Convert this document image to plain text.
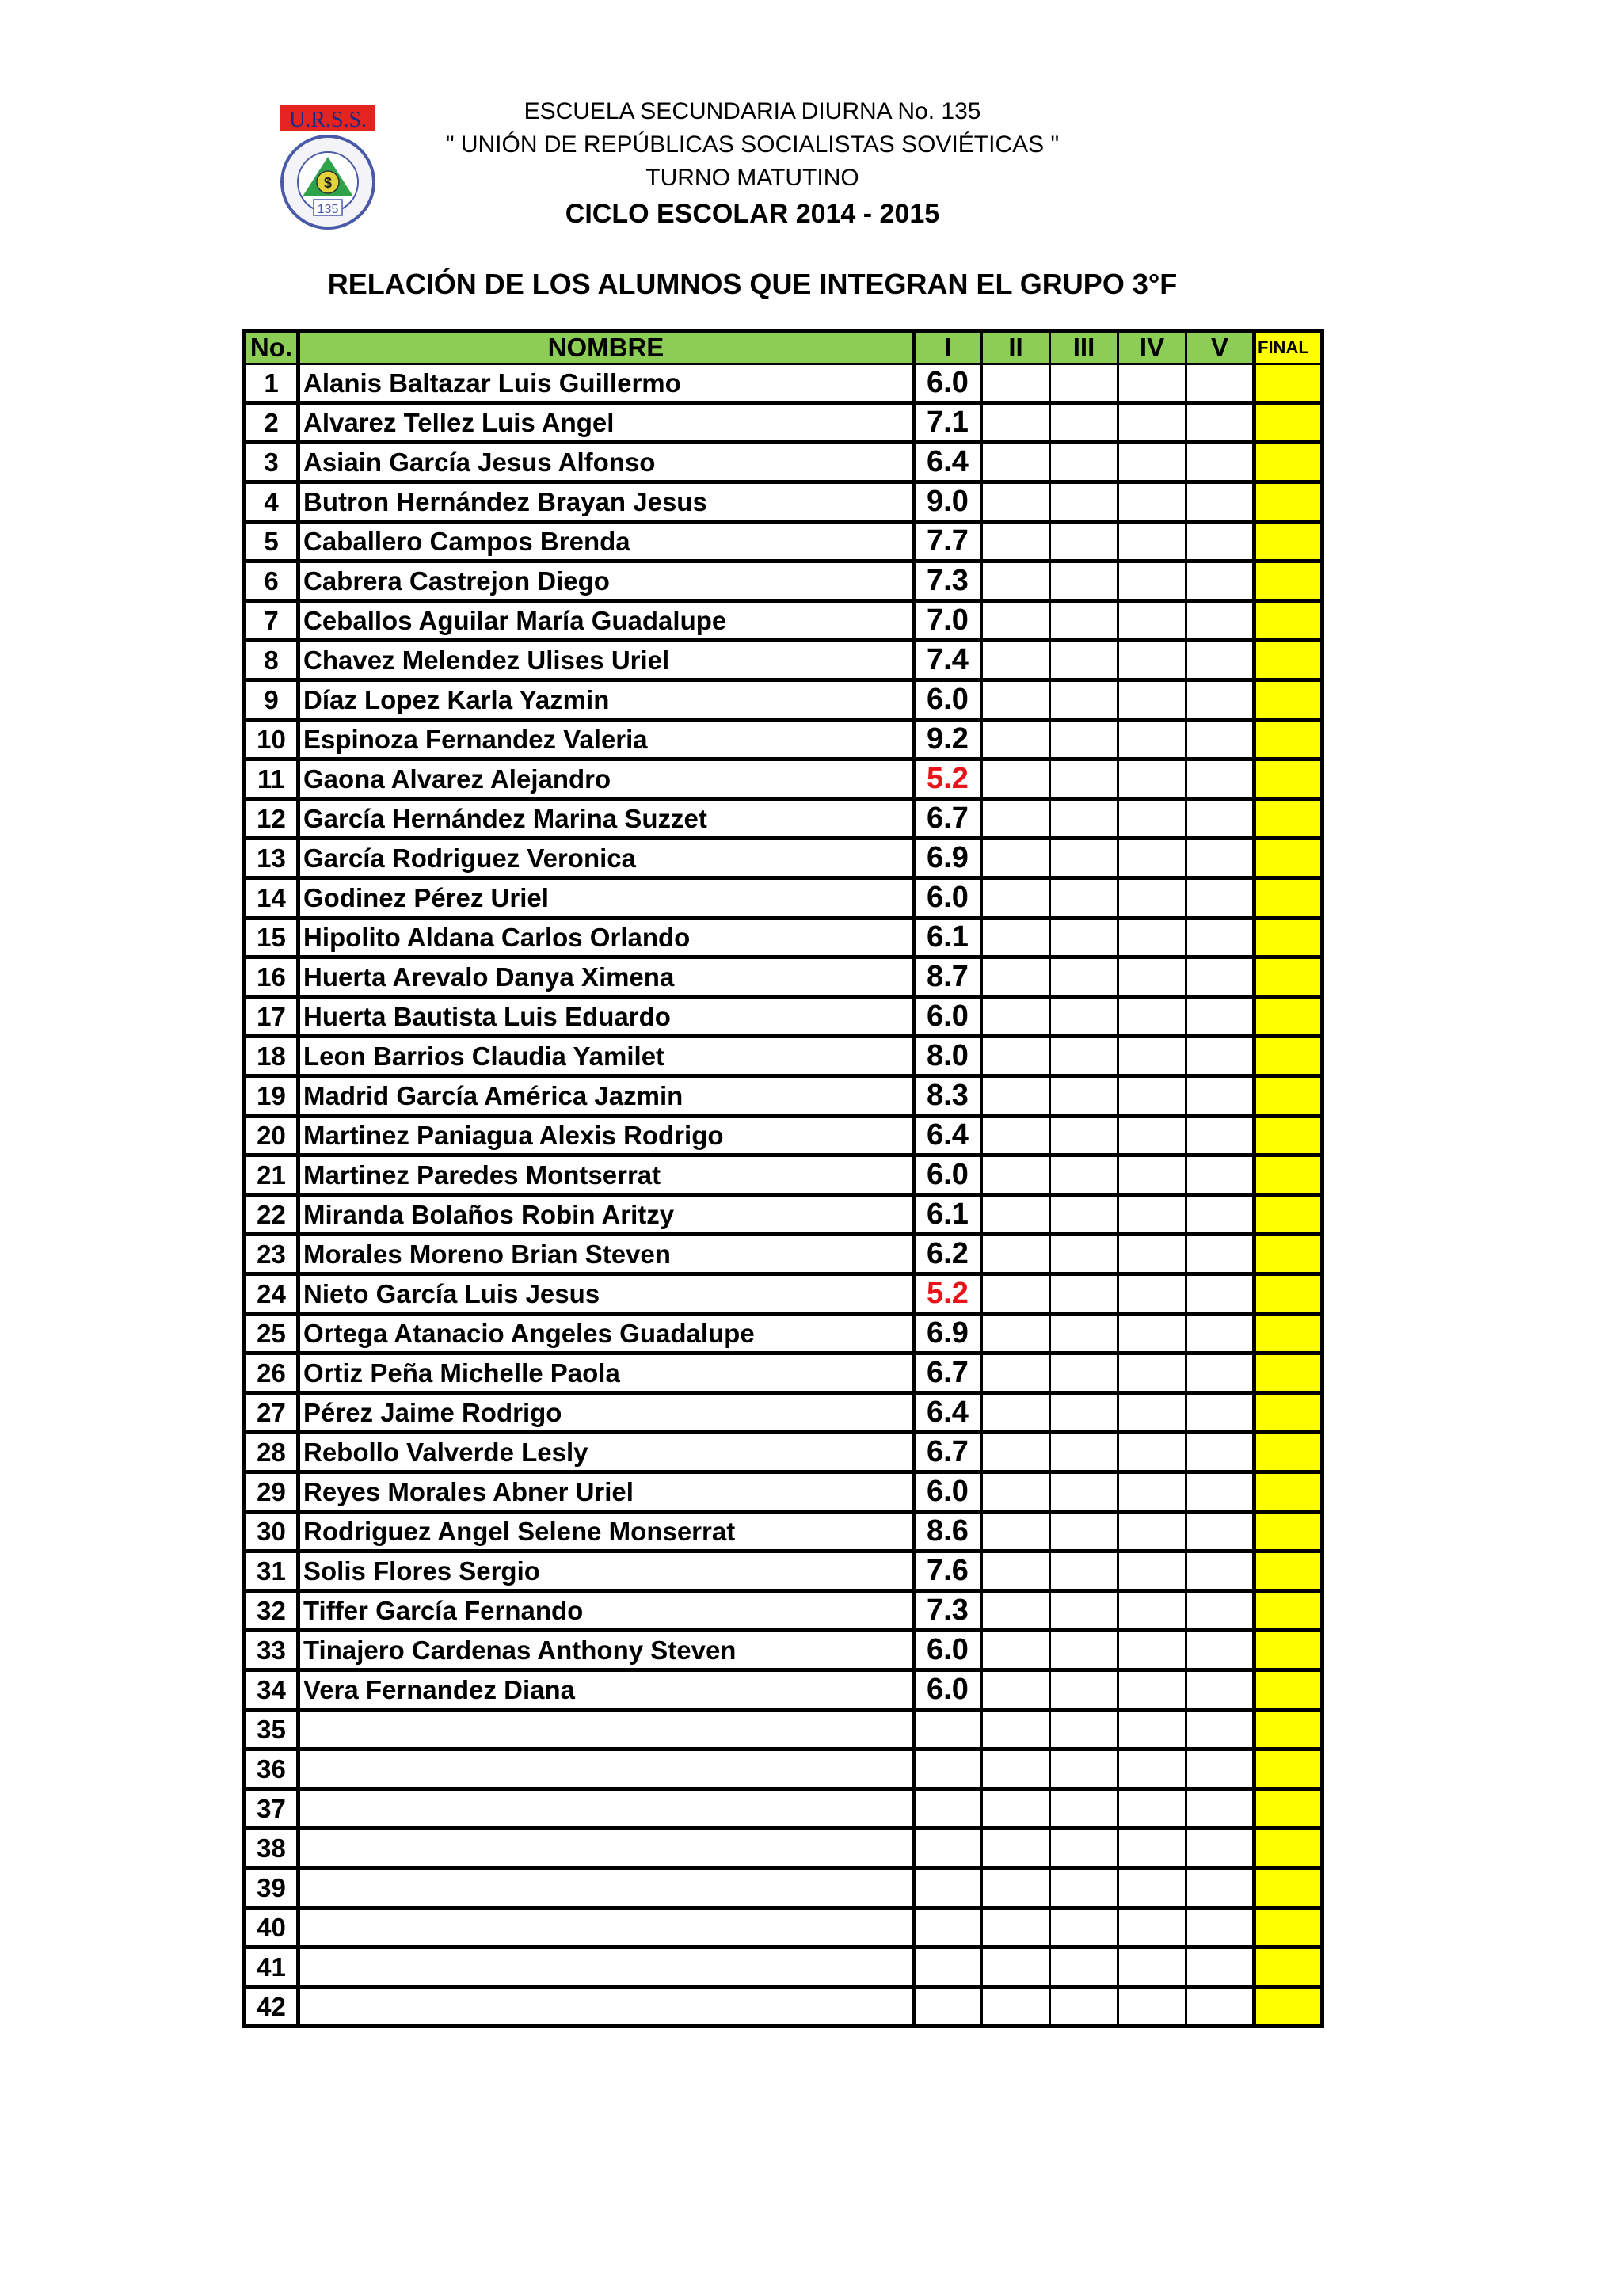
U.R.S.S.
$
135
ESCUELA SECUNDARIA DIURNA No. 135
" UNIÓN DE REPÚBLICAS SOCIALISTAS SOVIÉTICAS "
TURNO MATUTINO
CICLO ESCOLAR 2014 - 2015
RELACIÓN DE LOS ALUMNOS QUE INTEGRAN EL GRUPO 3°F
No.	NOMBRE	I	II	III	IV	V	FINAL
1	Alanis Baltazar Luis Guillermo	6.0					
2	Alvarez Tellez Luis Angel	7.1					
3	Asiain García Jesus Alfonso	6.4					
4	Butron Hernández Brayan Jesus	9.0					
5	Caballero Campos Brenda	7.7					
6	Cabrera Castrejon Diego	7.3					
7	Ceballos Aguilar María Guadalupe	7.0					
8	Chavez Melendez Ulises Uriel	7.4					
9	Díaz Lopez Karla Yazmin	6.0					
10	Espinoza Fernandez Valeria	9.2					
11	Gaona Alvarez Alejandro	5.2					
12	García Hernández Marina Suzzet	6.7					
13	García Rodriguez Veronica	6.9					
14	Godinez Pérez Uriel	6.0					
15	Hipolito Aldana Carlos Orlando	6.1					
16	Huerta Arevalo Danya Ximena	8.7					
17	Huerta Bautista Luis Eduardo	6.0					
18	Leon Barrios Claudia Yamilet	8.0					
19	Madrid García América Jazmin	8.3					
20	Martinez Paniagua Alexis Rodrigo	6.4					
21	Martinez Paredes Montserrat	6.0					
22	Miranda Bolaños Robin Aritzy	6.1					
23	Morales Moreno Brian Steven	6.2					
24	Nieto García Luis Jesus	5.2					
25	Ortega Atanacio Angeles Guadalupe	6.9					
26	Ortiz Peña Michelle Paola	6.7					
27	Pérez Jaime Rodrigo	6.4					
28	Rebollo Valverde Lesly	6.7					
29	Reyes Morales Abner Uriel	6.0					
30	Rodriguez Angel Selene Monserrat	8.6					
31	Solis Flores Sergio	7.6					
32	Tiffer García Fernando	7.3					
33	Tinajero Cardenas Anthony Steven	6.0					
34	Vera Fernandez Diana	6.0					
35							
36							
37							
38							
39							
40							
41							
42							
